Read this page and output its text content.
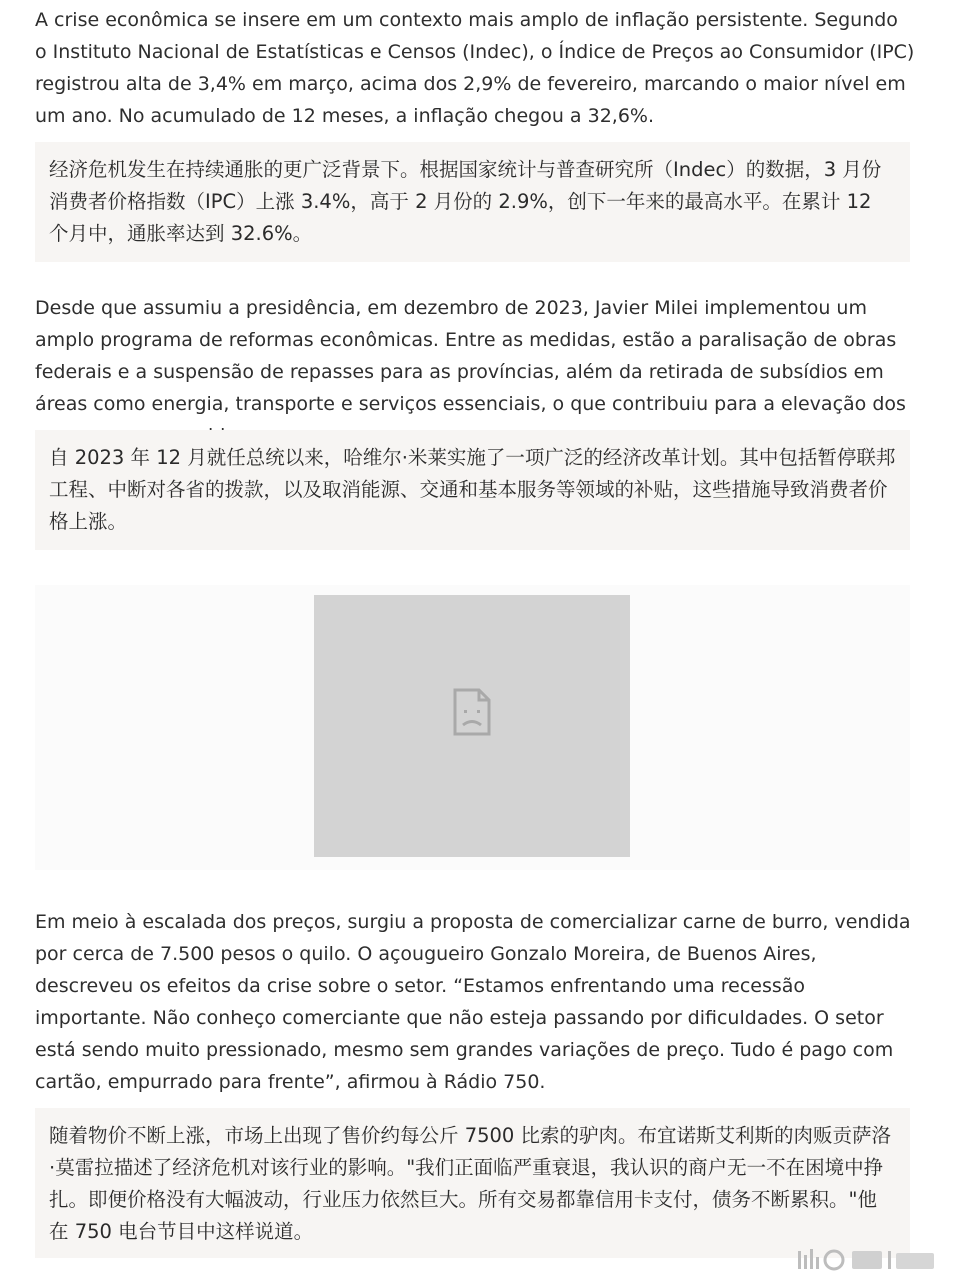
A crise econômica se insere em um contexto mais amplo de inflação persistente. Segundo o Instituto Nacional de Estatísticas e Censos (Indec), o Índice de Preços ao Consumidor (IPC) registrou alta de 3,4% em março, acima dos 2,9% de fevereiro, marcando o maior nível em um ano. No acumulado de 12 meses, a inflação chegou a 32,6%.

经济危机发生在持续通胀的更广泛背景下。根据国家统计与普查研究所（Indec）的数据，3 月份消费者价格指数（IPC）上涨 3.4%，高于 2 月份的 2.9%，创下一年来的最高水平。在累计 12 个月中，通胀率达到 32.6%。

Desde que assumiu a presidência, em dezembro de 2023, Javier Milei implementou um amplo programa de reformas econômicas. Entre as medidas, estão a paralisação de obras federais e a suspensão de repasses para as províncias, além da retirada de subsídios em áreas como energia, transporte e serviços essenciais, o que contribuiu para a elevação dos

自 2023 年 12 月就任总统以来，哈维尔·米莱实施了一项广泛的经济改革计划。其中包括暂停联邦工程、中断对各省的拨款，以及取消能源、交通和基本服务等领域的补贴，这些措施导致消费者价格上涨。

Em meio à escalada dos preços, surgiu a proposta de comercializar carne de burro, vendida por cerca de 7.500 pesos o quilo. O açougueiro Gonzalo Moreira, de Buenos Aires, descreveu os efeitos da crise sobre o setor. “Estamos enfrentando uma recessão importante. Não conheço comerciante que não esteja passando por dificuldades. O setor está sendo muito pressionado, mesmo sem grandes variações de preço. Tudo é pago com cartão, empurrado para frente”, afirmou à Rádio 750.

随着物价不断上涨，市场上出现了售价约每公斤 7500 比索的驴肉。布宜诺斯艾利斯的肉贩贡萨洛·莫雷拉描述了经济危机对该行业的影响。"我们正面临严重衰退，我认识的商户无一不在困境中挣扎。即便价格没有大幅波动，行业压力依然巨大。所有交易都靠信用卡支付，债务不断累积。"他在 750 电台节目中这样说道。
